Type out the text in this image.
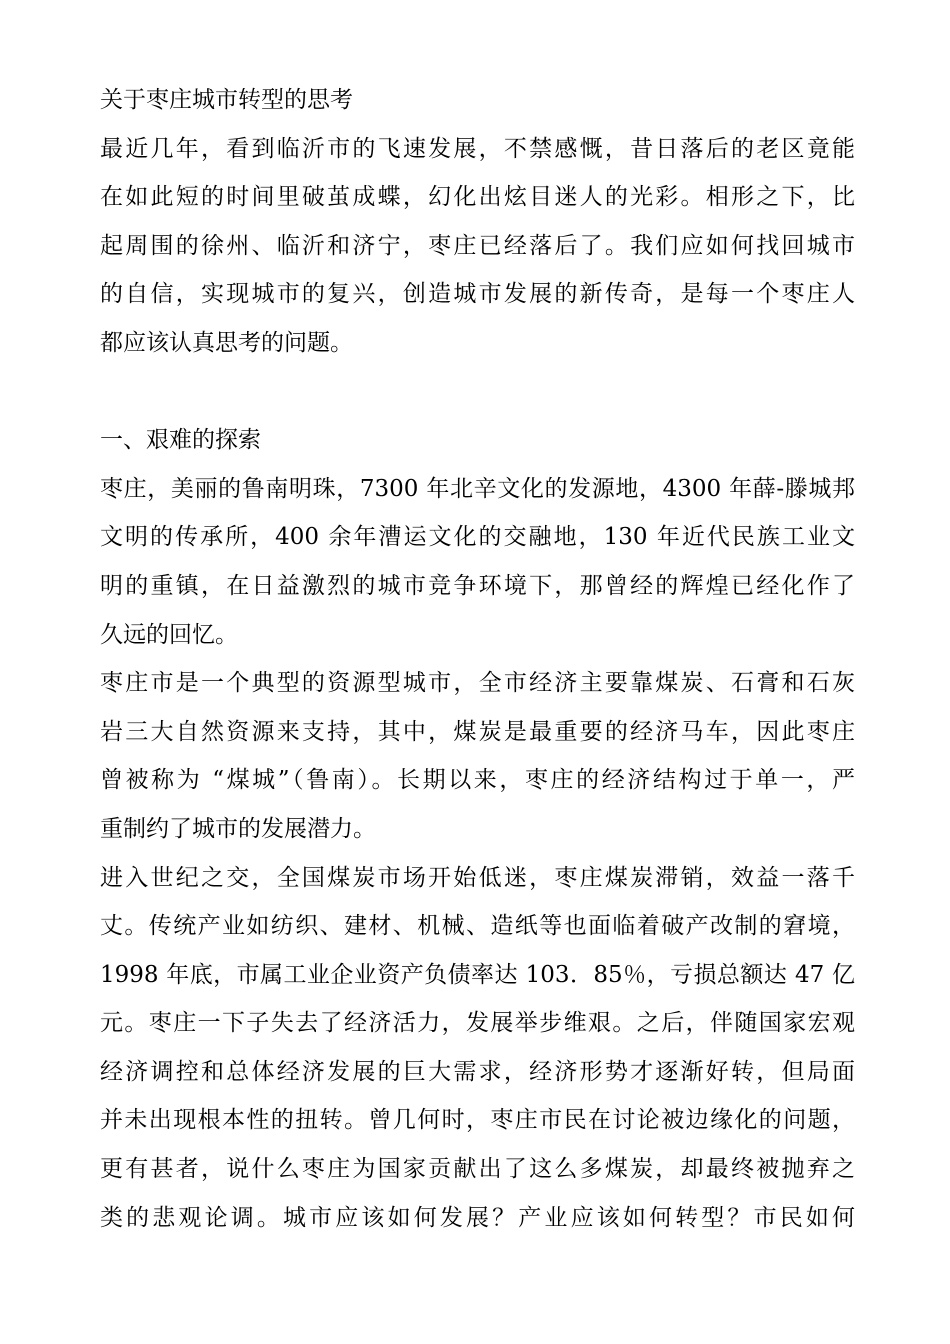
关于枣庄城市转型的思考
最近几年，看到临沂市的飞速发展，不禁感慨，昔日落后的老区竟能
在如此短的时间里破茧成蝶，幻化出炫目迷人的光彩。相形之下，比
起周围的徐州、临沂和济宁，枣庄已经落后了。我们应如何找回城市
的自信，实现城市的复兴，创造城市发展的新传奇，是每一个枣庄人
都应该认真思考的问题。
一、艰难的探索
枣庄，美丽的鲁南明珠，7300 年北辛文化的发源地，4300 年薛-滕城邦
文明的传承所，400 余年漕运文化的交融地，130 年近代民族工业文
明的重镇，在日益激烈的城市竞争环境下，那曾经的辉煌已经化作了
久远的回忆。
枣庄市是一个典型的资源型城市，全市经济主要靠煤炭、石膏和石灰
岩三大自然资源来支持，其中，煤炭是最重要的经济马车，因此枣庄
曾被称为 “煤城”（鲁南）。长期以来，枣庄的经济结构过于单一，严
重制约了城市的发展潜力。
进入世纪之交，全国煤炭市场开始低迷，枣庄煤炭滞销，效益一落千
丈。传统产业如纺织、建材、机械、造纸等也面临着破产改制的窘境，
1998 年底，市属工业企业资产负债率达 103．85％，亏损总额达 47 亿
元。枣庄一下子失去了经济活力，发展举步维艰。之后，伴随国家宏观
经济调控和总体经济发展的巨大需求，经济形势才逐渐好转，但局面
并未出现根本性的扭转。曾几何时，枣庄市民在讨论被边缘化的问题，
更有甚者，说什么枣庄为国家贡献出了这么多煤炭，却最终被抛弃之
类的悲观论调。城市应该如何发展？产业应该如何转型？市民如何
